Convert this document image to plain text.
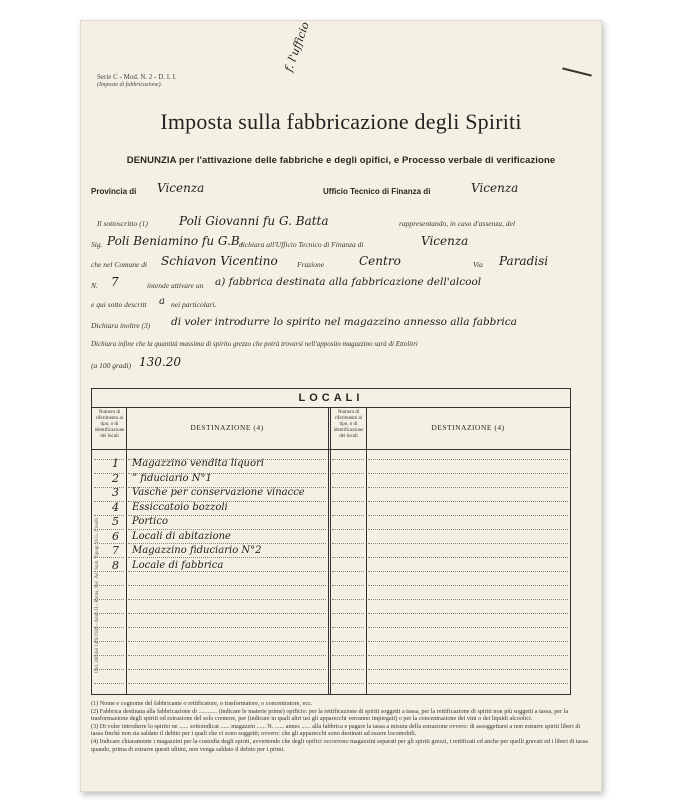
Serie C - Mod. N. 2 - D. I. I.
(Imposte di fabbricazione).
f. l'ufficio
Imposta sulla fabbricazione degli Spiriti
DENUNZIA per l'attivazione delle fabbriche e degli opifici, e Processo verbale di verificazione
Provincia di Vicenza	Ufficio Tecnico di Finanza di	Vicenza
Il sottoscritto (1)	Poli Giovanni fu G. Batta	rappresentando, in caso d'assenza, del
Sig. Poli Beniamino fu G.B.
dichiara all'Ufficio Tecnico di Finanza di	Vicenza
che nel Comune di Schiavon Vicentino	Frazione	Centro	Via Paradisi
N. 7	intende attivare un a) fabbrica destinata alla fabbricazione dell'alcool
e qui sotto descritt a nei particolari.
Dichiara inoltre (3) di voler introdurre lo spirito nel magazzino annesso alla fabbrica
Dichiara infine che la quantità massima di spirito grezzo che potrà trovarsi nell'apposito magazzino sarà di Ettolitri
(a 100 gradi) 130.20
LOCALI
Numero di riferimento al tipo, o di identificazione dei locali
DESTINAZIONE (4)
Numero di riferimento al tipo, o di identificazione dei locali
DESTINAZIONE (4)
1 Magazzino vendita liquori
2 ” fiduciario N°1
3 Vasche per conservazione vinacce
4 Essiccatoio bozzoli
5 Portico
6 Locali di abitazione
7 Magazzino fiduciario N°2
8 Locale di fabbrica
Ord. 266 del 14/9/1926 - Anno II - Roma, Soc. An. Stab. Tipogr. di G. Civelli

(1) Nome e cognome del fabbricante o rettificatore, o trasformatore, o concentratore, ecc.

(2) Fabbrica destinata alla fabbricazione di ............ (indicare le materie prime) opificio: per la rettificazione di spiriti soggetti a tassa, per la rettificazione di spiriti non più soggetti a tassa, per la trasformazione degli spiriti od estrazione del solo cremore, per (indicare in quali altri usi gli apparecchi verranno impiegati) o per la concentrazione dei vini o dei liquidi alcoolici.

(3) Di voler introdurre lo spirito ne ...... sottoindicat ...... magazzin ...... N. ...... annes ...... alla fabbrica e pagare la tassa a misura della estrazione ovvero: di assoggettarsi a non estrarre spiriti liberi di tassa finchè non sia saldato il debito per i quali che vi sono soggetti; ovvero: che gli apparecchi sono destinati ad essere locomobili.

(4) Indicare chiaramente i magazzini per la custodia degli spiriti, avvertendo che degli opifici occorrono magazzini separati per gli spiriti grezzi, i rettificati ed anche per quelli gravati ed i liberi di tassa quando, prima di estrarre questi ultimi, non venga saldato il debito per i primi.
